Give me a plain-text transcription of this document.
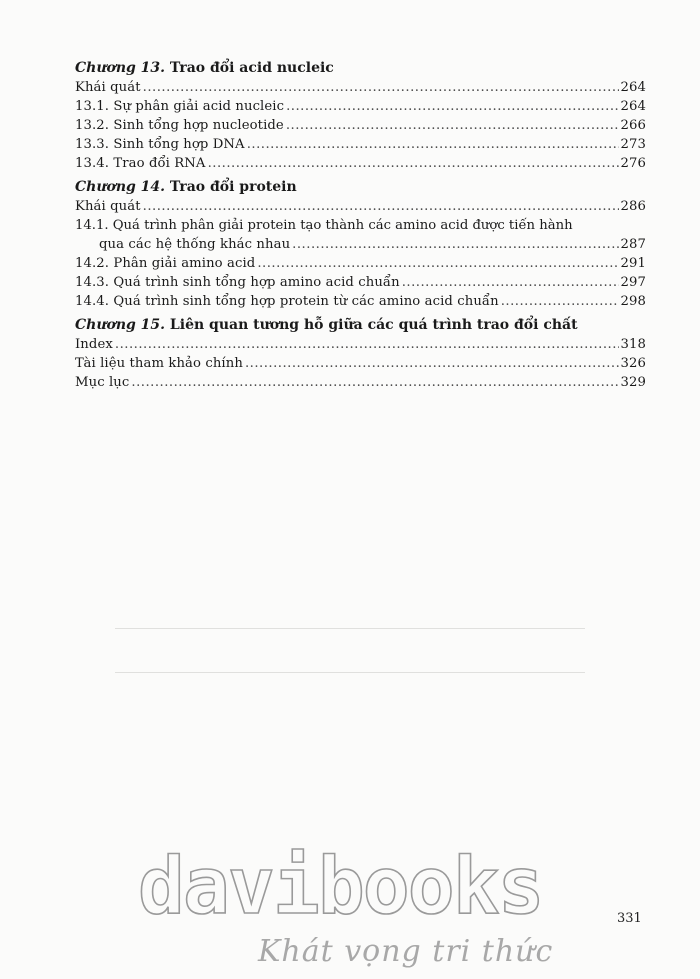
Chương 13. Trao đổi acid nucleic
Khái quát .....	264
13.1. Sự phân giải acid nucleic .....	264
13.2. Sinh tổng hợp nucleotide .....	266
13.3. Sinh tổng hợp DNA .....	273
13.4. Trao đổi RNA .....	276
Chương 14. Trao đổi protein
Khái quát .....	286
14.1. Quá trình phân giải protein tạo thành các amino acid được tiến hành
qua các hệ thống khác nhau .....	287
14.2. Phân giải amino acid .....	291
14.3. Quá trình sinh tổng hợp amino acid chuẩn .....	297
14.4. Quá trình sinh tổng hợp protein từ các amino acid chuẩn .....	298
Chương 15. Liên quan tương hỗ giữa các quá trình trao đổi chất
Index .....	318
Tài liệu tham khảo chính .....	326
Mục lục .....	329
331
davibooks
Khát vọng tri thức
